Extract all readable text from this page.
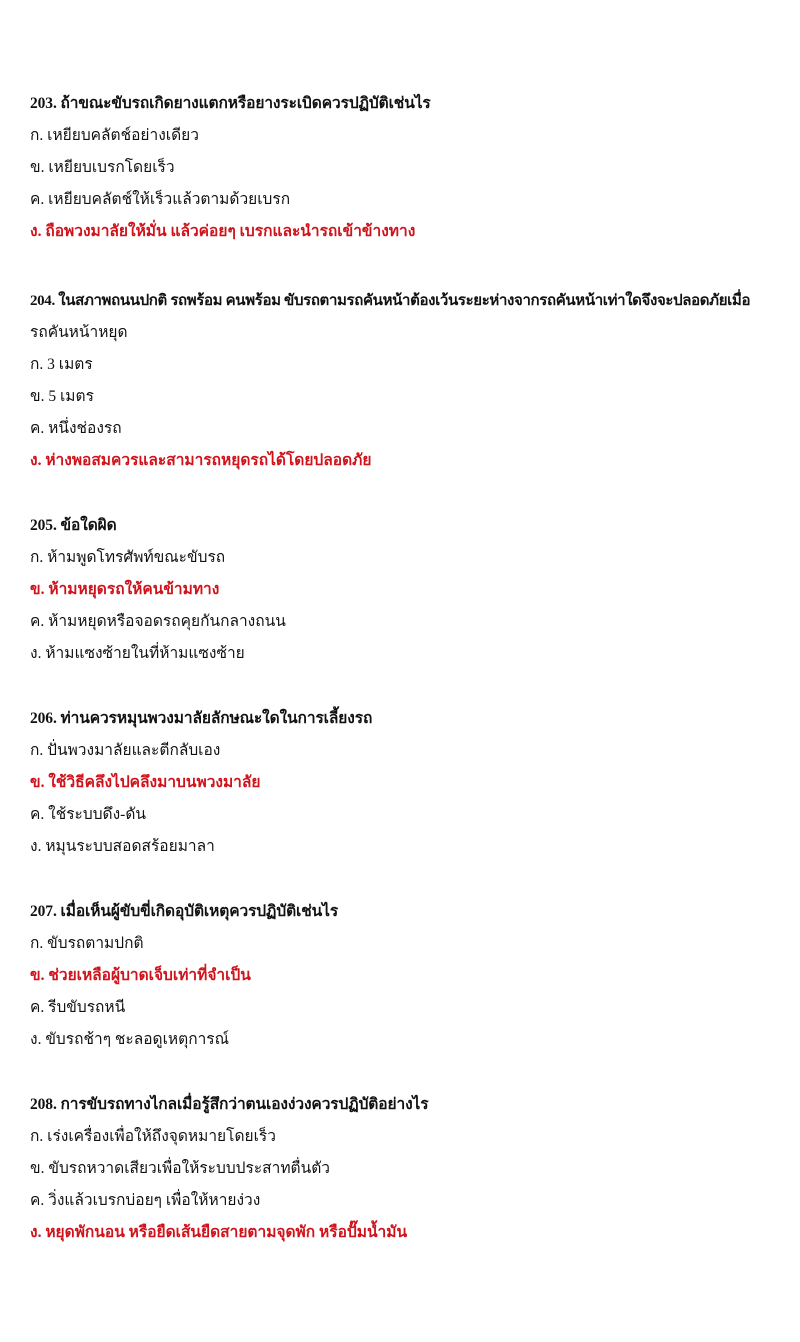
203. ถ้าขณะขับรถเกิดยางแตกหรือยางระเบิดควรปฏิบัติเช่นไร
ก. เหยียบคลัตช์อย่างเดียว
ข. เหยียบเบรกโดยเร็ว
ค. เหยียบคลัตช์ให้เร็วแล้วตามด้วยเบรก
ง. ถือพวงมาลัยให้มั่น แล้วค่อยๆ เบรกและนำรถเข้าข้างทาง
204. ในสภาพถนนปกติ รถพร้อม คนพร้อม ขับรถตามรถคันหน้าต้องเว้นระยะห่างจากรถคันหน้าเท่าใดจึงจะปลอดภัยเมื่อ
รถคันหน้าหยุด
ก. 3 เมตร
ข. 5 เมตร
ค. หนึ่งช่องรถ
ง. ห่างพอสมควรและสามารถหยุดรถได้โดยปลอดภัย
205. ข้อใดผิด
ก. ห้ามพูดโทรศัพท์ขณะขับรถ
ข. ห้ามหยุดรถให้คนข้ามทาง
ค. ห้ามหยุดหรือจอดรถคุยกันกลางถนน
ง. ห้ามแซงซ้ายในที่ห้ามแซงซ้าย
206. ท่านควรหมุนพวงมาลัยลักษณะใดในการเลี้ยงรถ
ก. ปั่นพวงมาลัยและตีกลับเอง
ข. ใช้วิธีคลึงไปคลึงมาบนพวงมาลัย
ค. ใช้ระบบดึง-ดัน
ง. หมุนระบบสอดสร้อยมาลา
207. เมื่อเห็นผู้ขับขี่เกิดอุบัติเหตุควรปฏิบัติเช่นไร
ก. ขับรถตามปกติ
ข. ช่วยเหลือผู้บาดเจ็บเท่าที่จำเป็น
ค. รีบขับรถหนี
ง. ขับรถช้าๆ ชะลอดูเหตุการณ์
208. การขับรถทางไกลเมื่อรู้สึกว่าตนเองง่วงควรปฏิบัติอย่างไร
ก. เร่งเครื่องเพื่อให้ถึงจุดหมายโดยเร็ว
ข. ขับรถหวาดเสียวเพื่อให้ระบบประสาทตื่นตัว
ค. วิ่งแล้วเบรกบ่อยๆ เพื่อให้หายง่วง
ง. หยุดพักนอน หรือยืดเส้นยืดสายตามจุดพัก หรือปั๊มน้ำมัน
